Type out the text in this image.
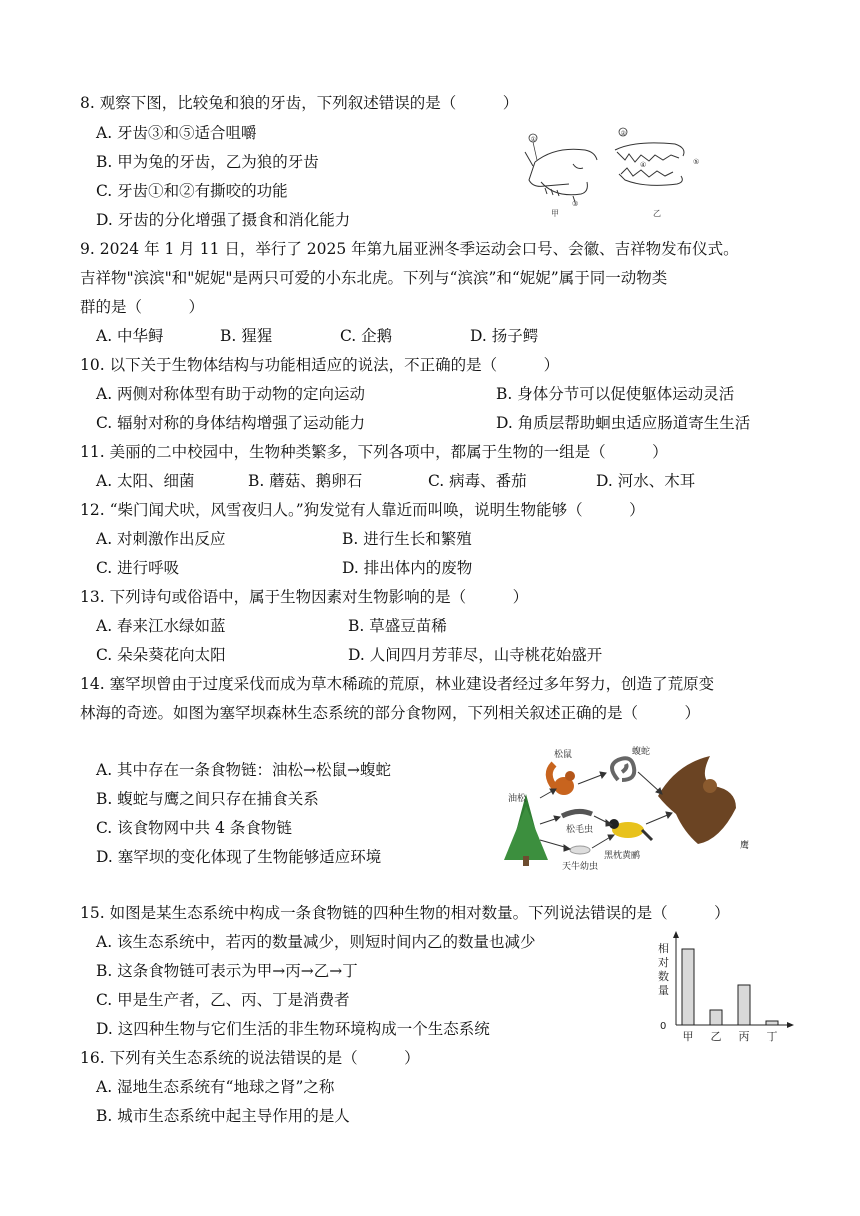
8. 观察下图，比较兔和狼的牙齿，下列叙述错误的是（　　　）
A. 牙齿③和⑤适合咀嚼
B. 甲为兔的牙齿，乙为狼的牙齿
C. 牙齿①和②有撕咬的功能
D. 牙齿的分化增强了摄食和消化能力
①
③
甲
②
④	⑤
乙
9. 2024 年 1 月 11 日，举行了 2025 年第九届亚洲冬季运动会口号、会徽、吉祥物发布仪式。
吉祥物"滨滨"和"妮妮"是两只可爱的小东北虎。下列与“滨滨”和“妮妮”属于同一动物类
群的是（　　　）
A. 中华鲟	B. 猩猩	C. 企鹅	D. 扬子鳄
10. 以下关于生物体结构与功能相适应的说法，不正确的是（　　　）
A. 两侧对称体型有助于动物的定向运动	B. 身体分节可以促使躯体运动灵活
C. 辐射对称的身体结构增强了运动能力	D. 角质层帮助蛔虫适应肠道寄生生活
11. 美丽的二中校园中，生物种类繁多，下列各项中，都属于生物的一组是（　　　）
A. 太阳、细菌	B. 蘑菇、鹅卵石	C. 病毒、番茄	D. 河水、木耳
12. “柴门闻犬吠，风雪夜归人。”狗发觉有人靠近而叫唤，说明生物能够（　　　）
A. 对刺激作出反应	B. 进行生长和繁殖
C. 进行呼吸	D. 排出体内的废物
13. 下列诗句或俗语中，属于生物因素对生物影响的是（　　　）
A. 春来江水绿如蓝	B. 草盛豆苗稀
C. 朵朵葵花向太阳	D. 人间四月芳菲尽，山寺桃花始盛开
14. 塞罕坝曾由于过度采伐而成为草木稀疏的荒原，林业建设者经过多年努力，创造了荒原变
林海的奇迹。如图为塞罕坝森林生态系统的部分食物网，下列相关叙述正确的是（　　　）
A. 其中存在一条食物链：油松→松鼠→蝮蛇
B. 蝮蛇与鹰之间只存在捕食关系
C. 该食物网中共 4 条食物链
D. 塞罕坝的变化体现了生物能够适应环境
油松
松鼠	蝮蛇
鹰
松毛虫
天牛幼虫
黑枕黄鹂
15. 如图是某生态系统中构成一条食物链的四种生物的相对数量。下列说法错误的是（　　　）
A. 该生态系统中，若丙的数量减少，则短时间内乙的数量也减少
B. 这条食物链可表示为甲→丙→乙→丁
C. 甲是生产者，乙、丙、丁是消费者
D. 这四种生物与它们生活的非生物环境构成一个生态系统
相
对
数
量
0
甲 乙 丙 丁
16. 下列有关生态系统的说法错误的是（　　　）
A. 湿地生态系统有“地球之肾”之称
B. 城市生态系统中起主导作用的是人
